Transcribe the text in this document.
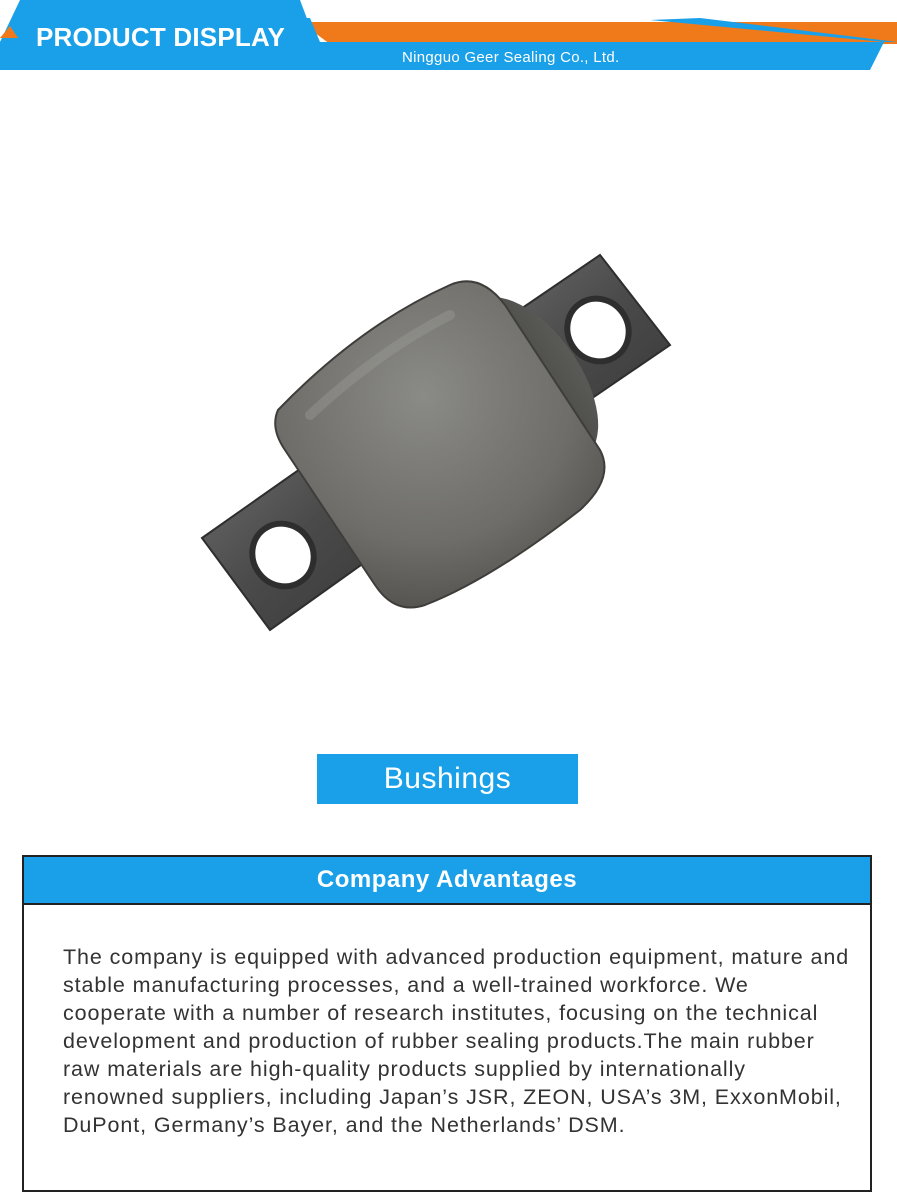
PRODUCT DISPLAY
Ningguo Geer Sealing Co., Ltd.
Bushings
Company Advantages

The company is equipped with advanced production equipment, mature and stable manufacturing processes, and a well-trained workforce. We cooperate with a number of research institutes, focusing on the technical development and production of rubber sealing products.The main rubber raw materials are high-quality products supplied by internationally renowned suppliers, including Japan’s JSR, ZEON, USA’s 3M, ExxonMobil, DuPont, Germany’s Bayer, and the Netherlands’ DSM.
